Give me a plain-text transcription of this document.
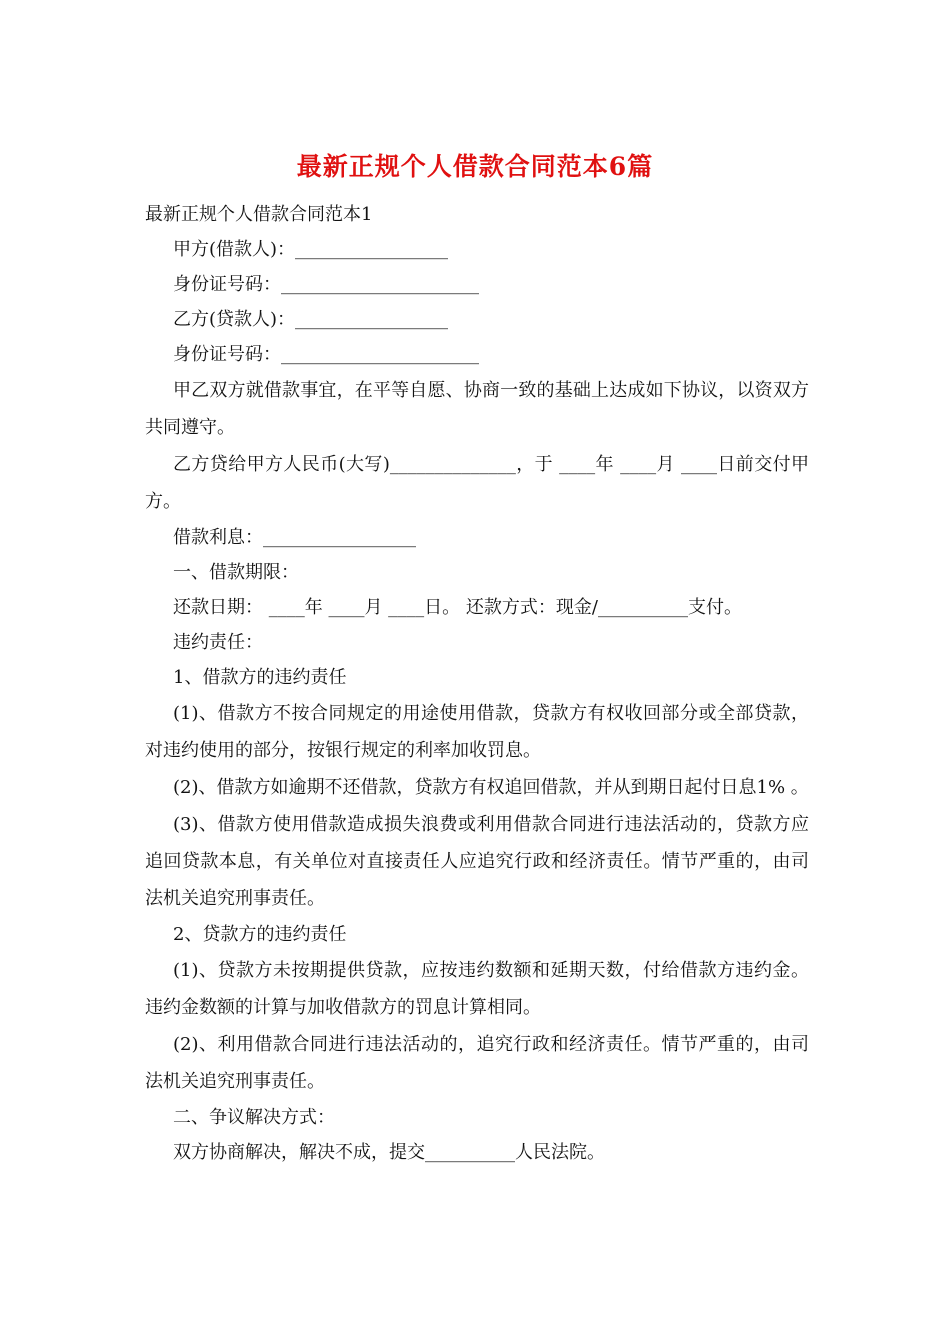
最新正规个人借款合同范本6篇
最新正规个人借款合同范本1
甲方(借款人)：_________________
身份证号码：______________________
乙方(贷款人)：_________________
身份证号码：______________________
甲乙双方就借款事宜，在平等自愿、协商一致的基础上达成如下协议，以资双方共同遵守。
乙方贷给甲方人民币(大写)______________，于 ____年 ____月 ____日前交付甲方。
借款利息：_________________
一、借款期限：
还款日期： ____年 ____月 ____日。 还款方式：现金/__________支付。
违约责任：
1、借款方的违约责任
(1)、借款方不按合同规定的用途使用借款，贷款方有权收回部分或全部贷款，对违约使用的部分，按银行规定的利率加收罚息。
(2)、借款方如逾期不还借款，贷款方有权追回借款，并从到期日起付日息1% 。
(3)、借款方使用借款造成损失浪费或利用借款合同进行违法活动的，贷款方应追回贷款本息，有关单位对直接责任人应追究行政和经济责任。情节严重的，由司法机关追究刑事责任。
2、贷款方的违约责任
(1)、贷款方未按期提供贷款，应按违约数额和延期天数，付给借款方违约金。违约金数额的计算与加收借款方的罚息计算相同。
(2)、利用借款合同进行违法活动的，追究行政和经济责任。情节严重的，由司法机关追究刑事责任。
二、争议解决方式：
双方协商解决，解决不成，提交__________人民法院。
